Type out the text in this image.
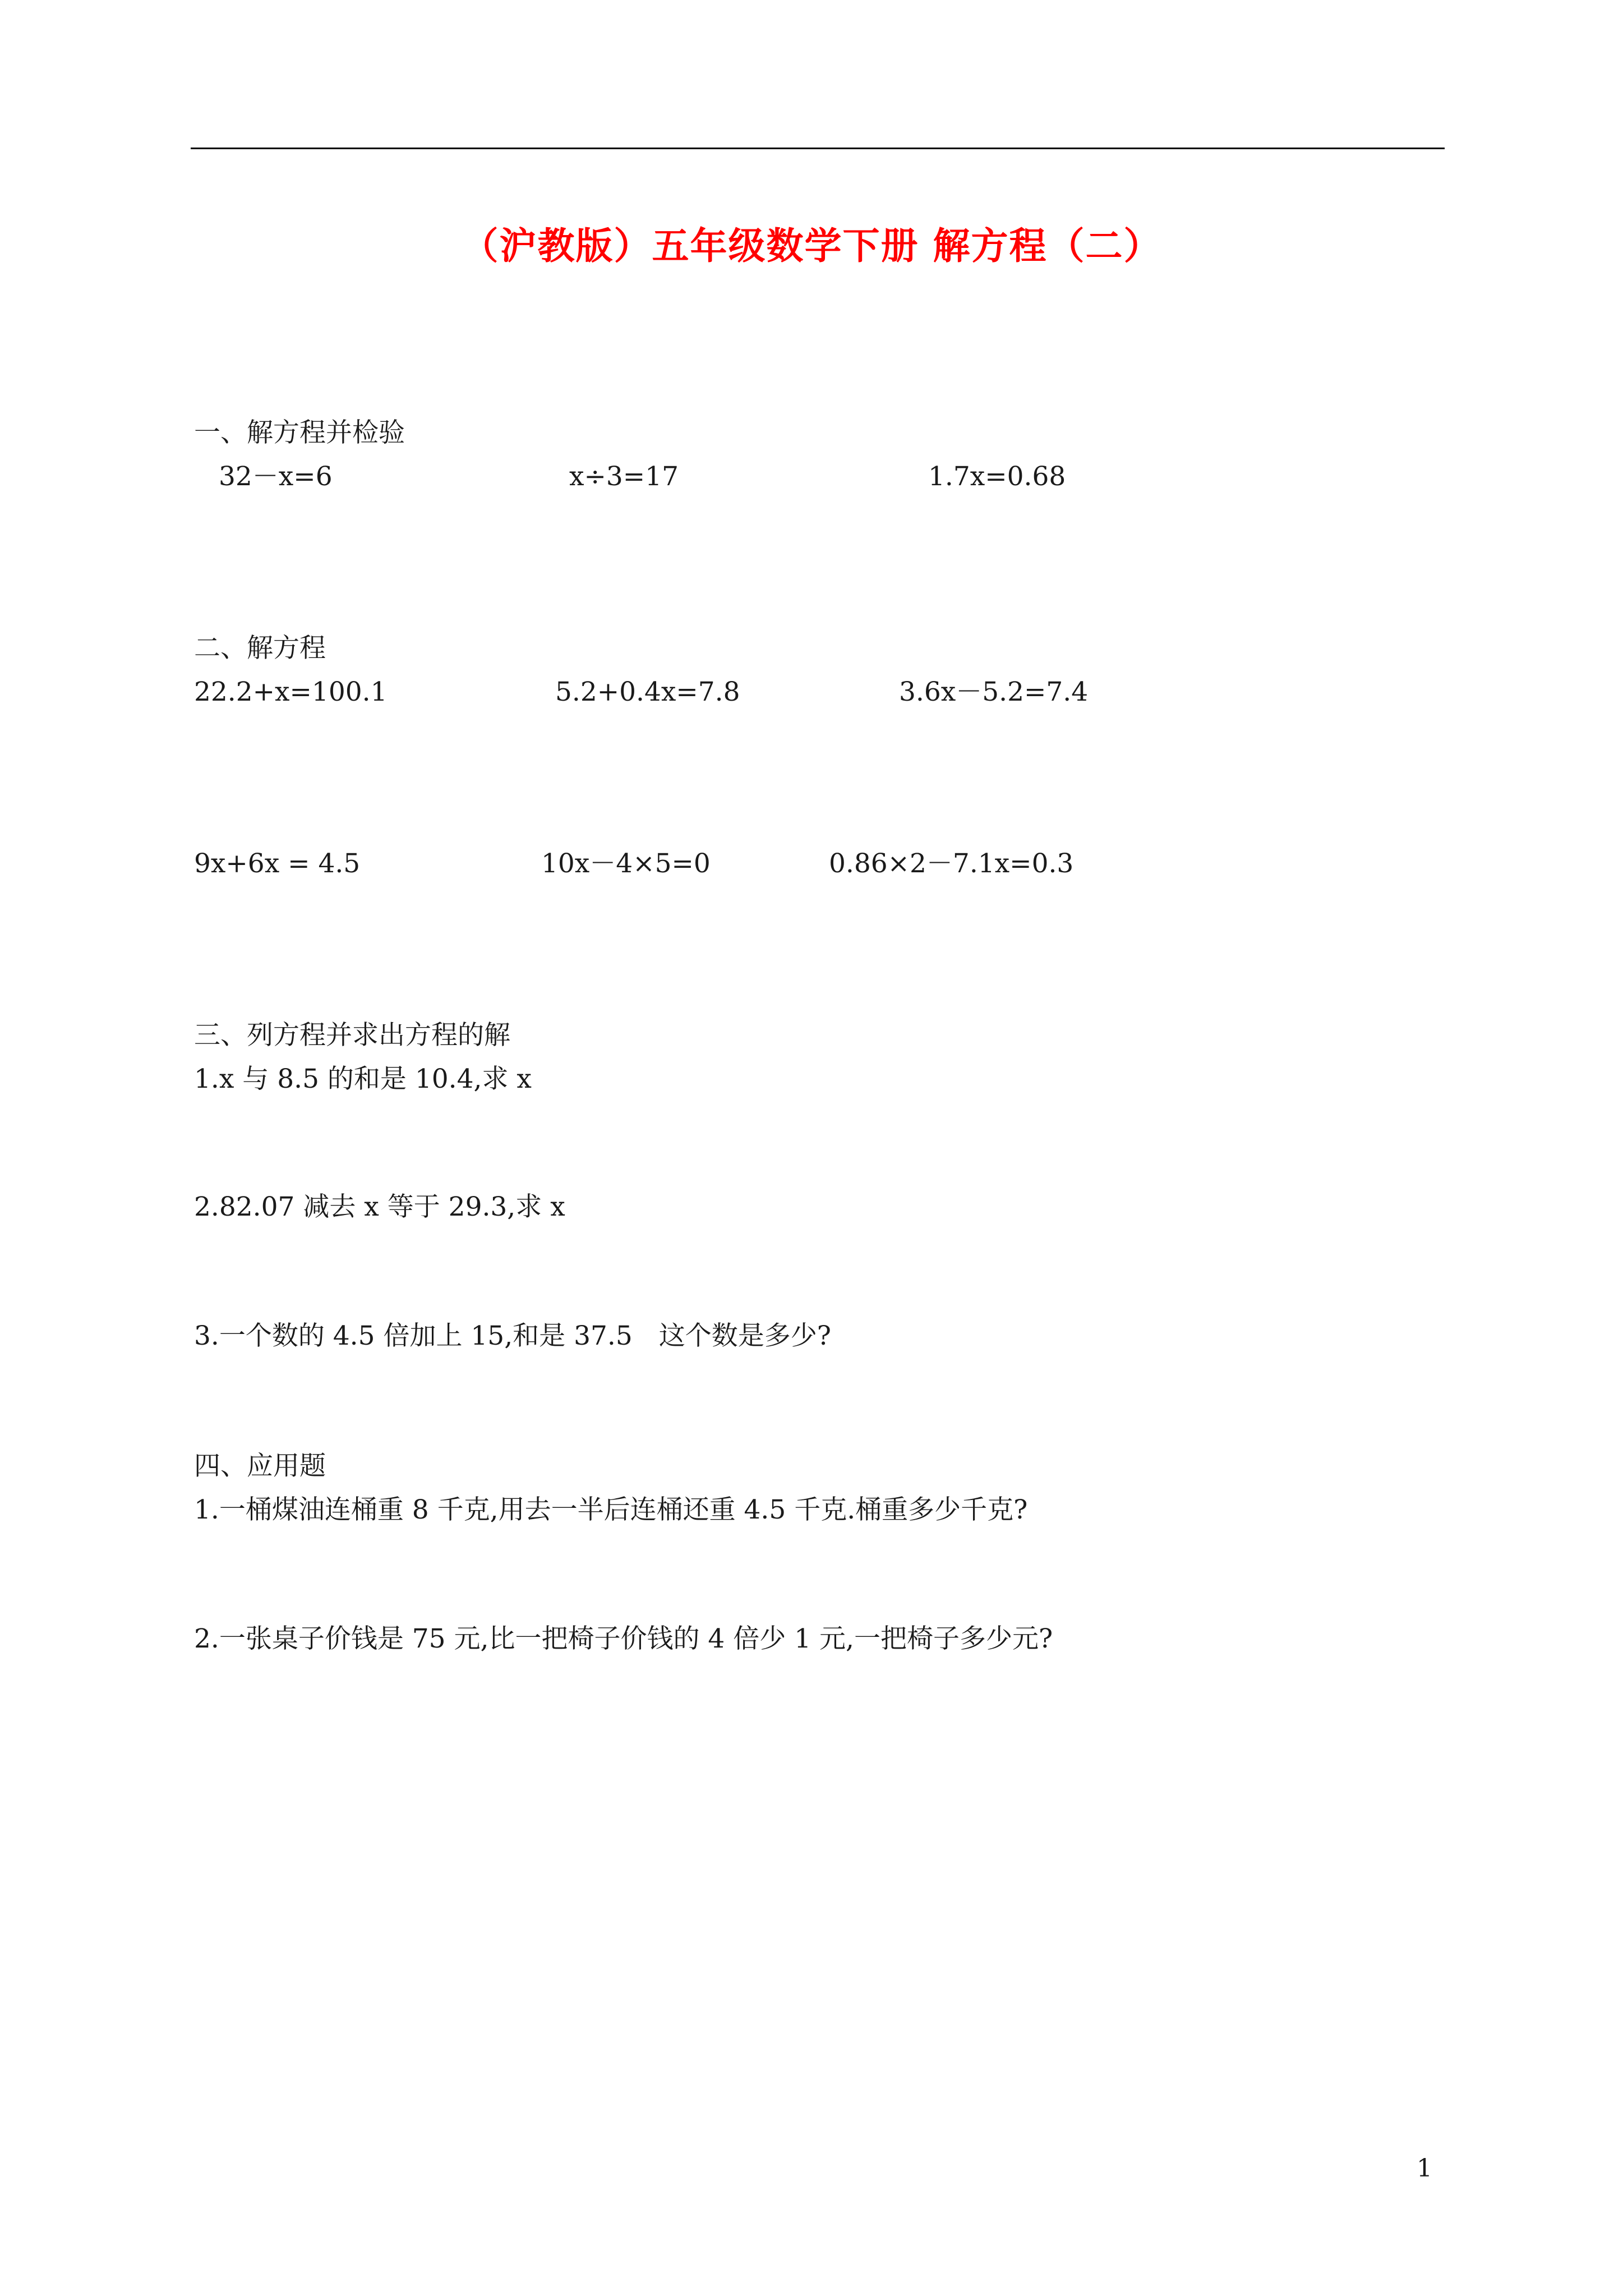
（沪教版）五年级数学下册 解方程（二）
一、解方程并检验
32－x=6	x÷3=17	1.7x=0.68
二、解方程
22.2+x=100.1	5.2+0.4x=7.8	3.6x－5.2=7.4
9x+6x = 4.5	10x－4×5=0	0.86×2－7.1x=0.3
三、列方程并求出方程的解
1.x 与 8.5 的和是 10.4,求 x
2.82.07 减去 x 等于 29.3,求 x
3.一个数的 4.5 倍加上 15,和是 37.5　这个数是多少?
四、应用题
1.一桶煤油连桶重 8 千克,用去一半后连桶还重 4.5 千克.桶重多少千克?
2.一张桌子价钱是 75 元,比一把椅子价钱的 4 倍少 1 元,一把椅子多少元?
1
